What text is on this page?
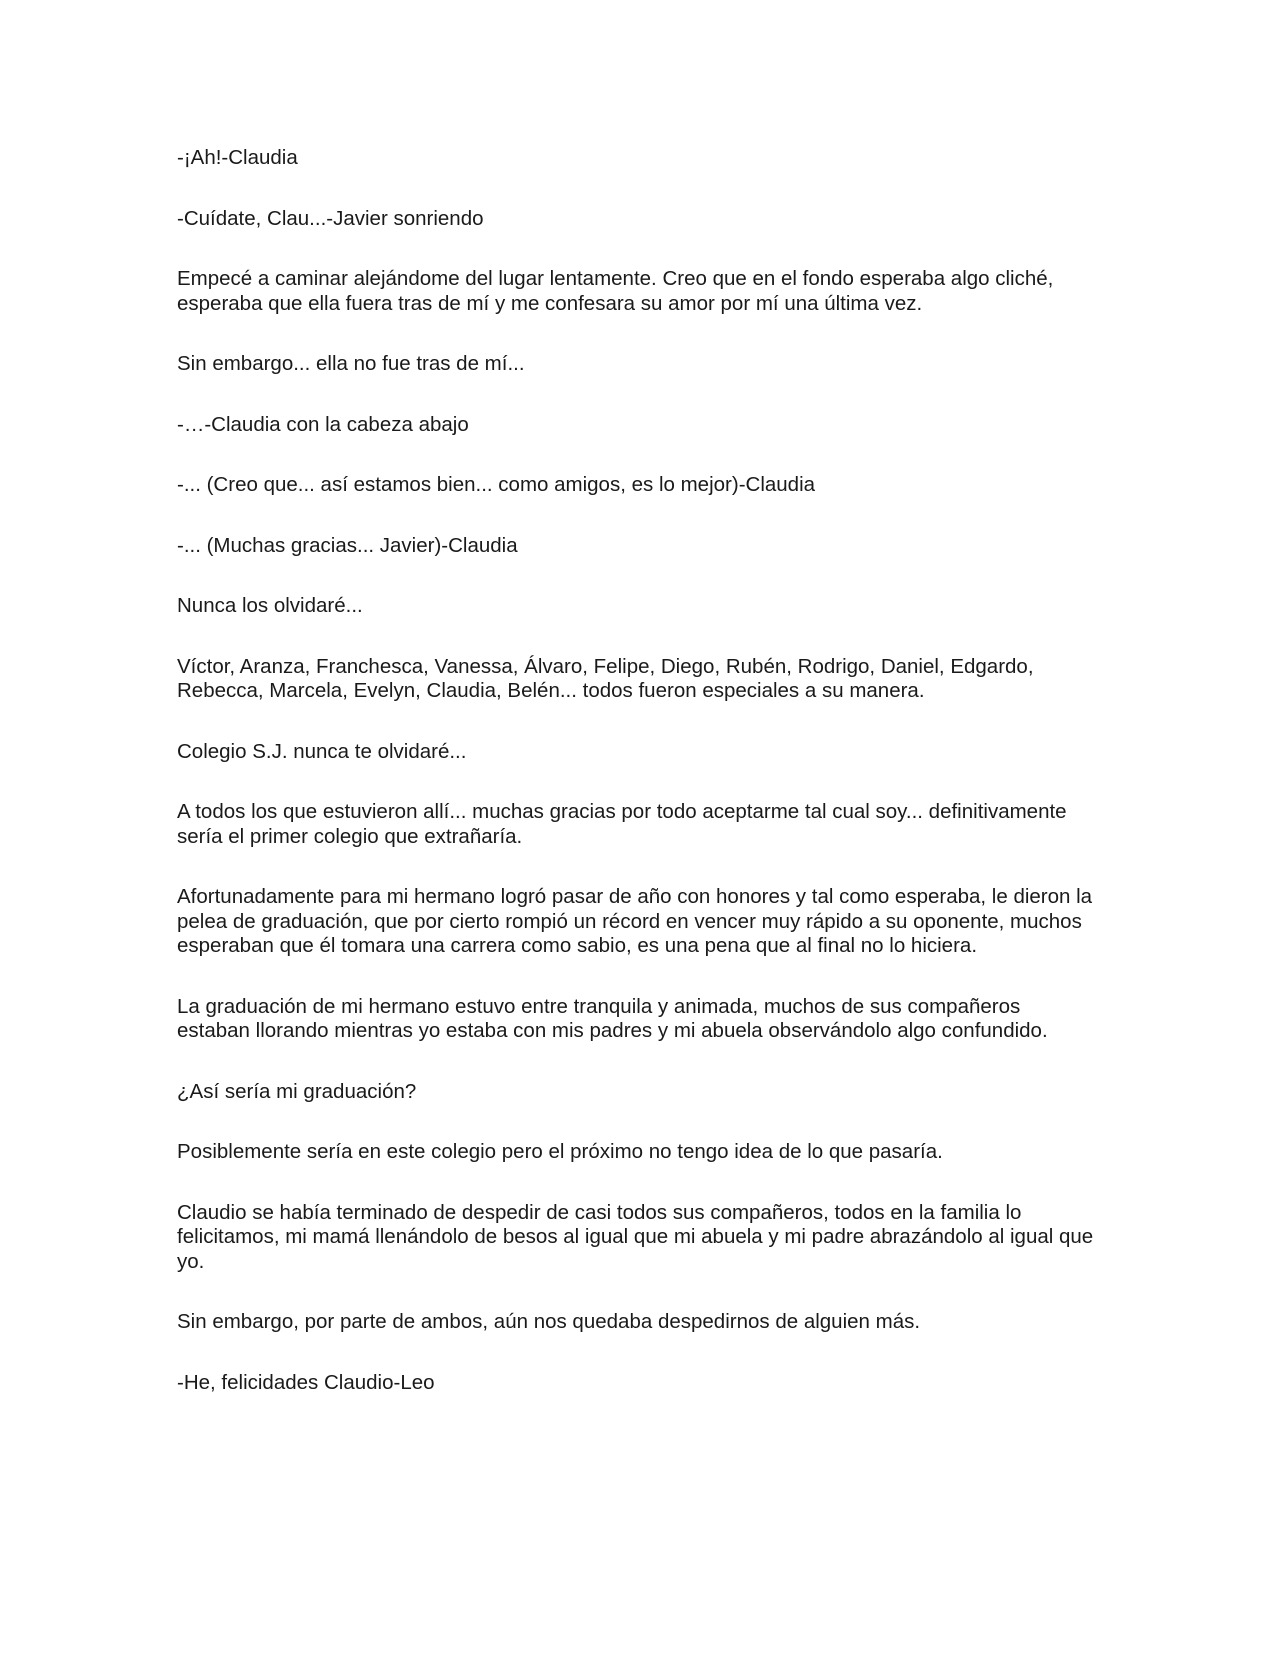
-¡Ah!-Claudia

-Cuídate, Clau...-Javier sonriendo

Empecé a caminar alejándome del lugar lentamente. Creo que en el fondo esperaba algo cliché, esperaba que ella fuera tras de mí y me confesara su amor por mí una última vez.

Sin embargo... ella no fue tras de mí...

-…-Claudia con la cabeza abajo

-... (Creo que... así estamos bien... como amigos, es lo mejor)-Claudia

-... (Muchas gracias... Javier)-Claudia

Nunca los olvidaré...

Víctor, Aranza, Franchesca, Vanessa, Álvaro, Felipe, Diego, Rubén, Rodrigo, Daniel, Edgardo, Rebecca, Marcela, Evelyn, Claudia, Belén... todos fueron especiales a su manera.

Colegio S.J. nunca te olvidaré...

A todos los que estuvieron allí... muchas gracias por todo aceptarme tal cual soy... definitivamente sería el primer colegio que extrañaría.

Afortunadamente para mi hermano logró pasar de año con honores y tal como esperaba, le dieron la pelea de graduación, que por cierto rompió un récord en vencer muy rápido a su oponente, muchos esperaban que él tomara una carrera como sabio, es una pena que al final no lo hiciera.

La graduación de mi hermano estuvo entre tranquila y animada, muchos de sus compañeros estaban llorando mientras yo estaba con mis padres y mi abuela observándolo algo confundido.

¿Así sería mi graduación?

Posiblemente sería en este colegio pero el próximo no tengo idea de lo que pasaría.

Claudio se había terminado de despedir de casi todos sus compañeros, todos en la familia lo felicitamos, mi mamá llenándolo de besos al igual que mi abuela y mi padre abrazándolo al igual que yo.

Sin embargo, por parte de ambos, aún nos quedaba despedirnos de alguien más.

-He, felicidades Claudio-Leo
